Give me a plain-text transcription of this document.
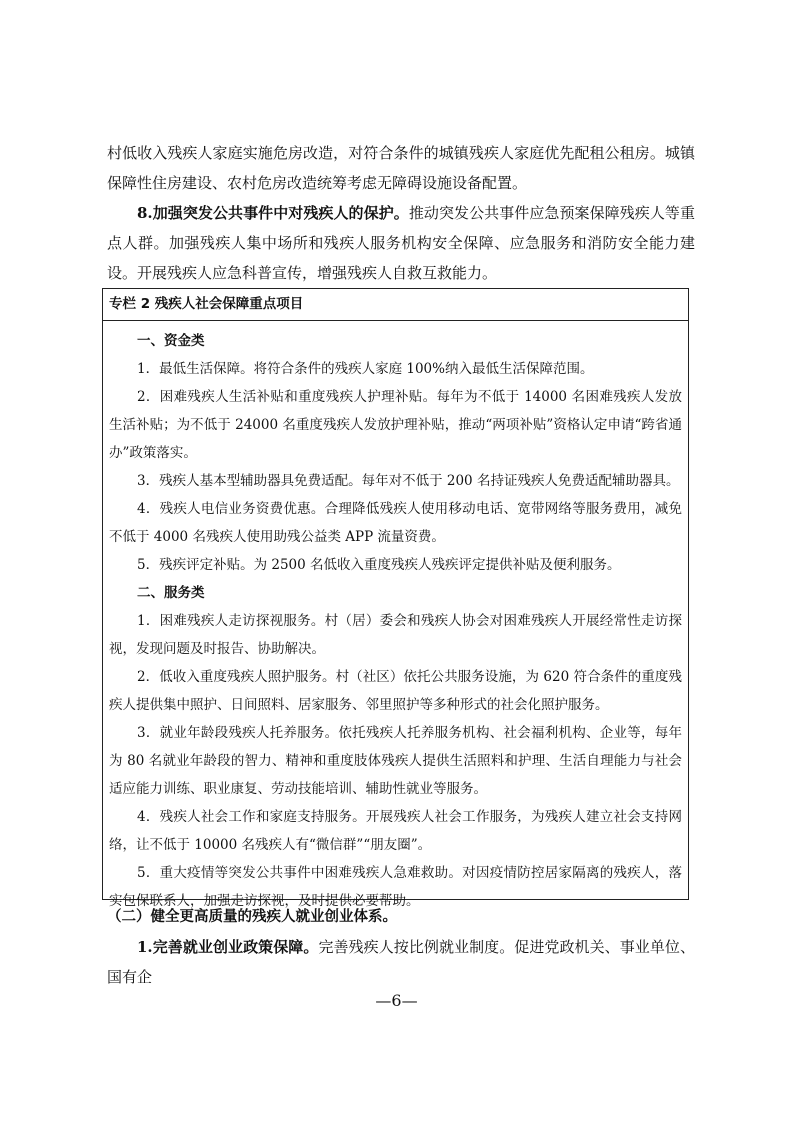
村低收入残疾人家庭实施危房改造，对符合条件的城镇残疾人家庭优先配租公租房。城镇保障性住房建设、农村危房改造统筹考虑无障碍设施设备配置。

8.加强突发公共事件中对残疾人的保护。推动突发公共事件应急预案保障残疾人等重点人群。加强残疾人集中场所和残疾人服务机构安全保障、应急服务和消防安全能力建设。开展残疾人应急科普宣传，增强残疾人自救互救能力。

专栏 2 残疾人社会保障重点项目

一、资金类

1．最低生活保障。将符合条件的残疾人家庭 100%纳入最低生活保障范围。

2．困难残疾人生活补贴和重度残疾人护理补贴。每年为不低于 14000 名困难残疾人发放生活补贴；为不低于 24000 名重度残疾人发放护理补贴，推动“两项补贴”资格认定申请“跨省通办”政策落实。

3．残疾人基本型辅助器具免费适配。每年对不低于 200 名持证残疾人免费适配辅助器具。

4．残疾人电信业务资费优惠。合理降低残疾人使用移动电话、宽带网络等服务费用，减免不低于 4000 名残疾人使用助残公益类 APP 流量资费。

5．残疾评定补贴。为 2500 名低收入重度残疾人残疾评定提供补贴及便利服务。

二、服务类

1．困难残疾人走访探视服务。村（居）委会和残疾人协会对困难残疾人开展经常性走访探视，发现问题及时报告、协助解决。

2．低收入重度残疾人照护服务。村（社区）依托公共服务设施，为 620 符合条件的重度残疾人提供集中照护、日间照料、居家服务、邻里照护等多种形式的社会化照护服务。

3．就业年龄段残疾人托养服务。依托残疾人托养服务机构、社会福利机构、企业等，每年为 80 名就业年龄段的智力、精神和重度肢体残疾人提供生活照料和护理、生活自理能力与社会适应能力训练、职业康复、劳动技能培训、辅助性就业等服务。

4．残疾人社会工作和家庭支持服务。开展残疾人社会工作服务，为残疾人建立社会支持网络，让不低于 10000 名残疾人有“微信群”“朋友圈”。

5．重大疫情等突发公共事件中困难残疾人急难救助。对因疫情防控居家隔离的残疾人，落实包保联系人，加强走访探视，及时提供必要帮助。

（二）健全更高质量的残疾人就业创业体系。

1.完善就业创业政策保障。完善残疾人按比例就业制度。促进党政机关、事业单位、国有企

—6—
